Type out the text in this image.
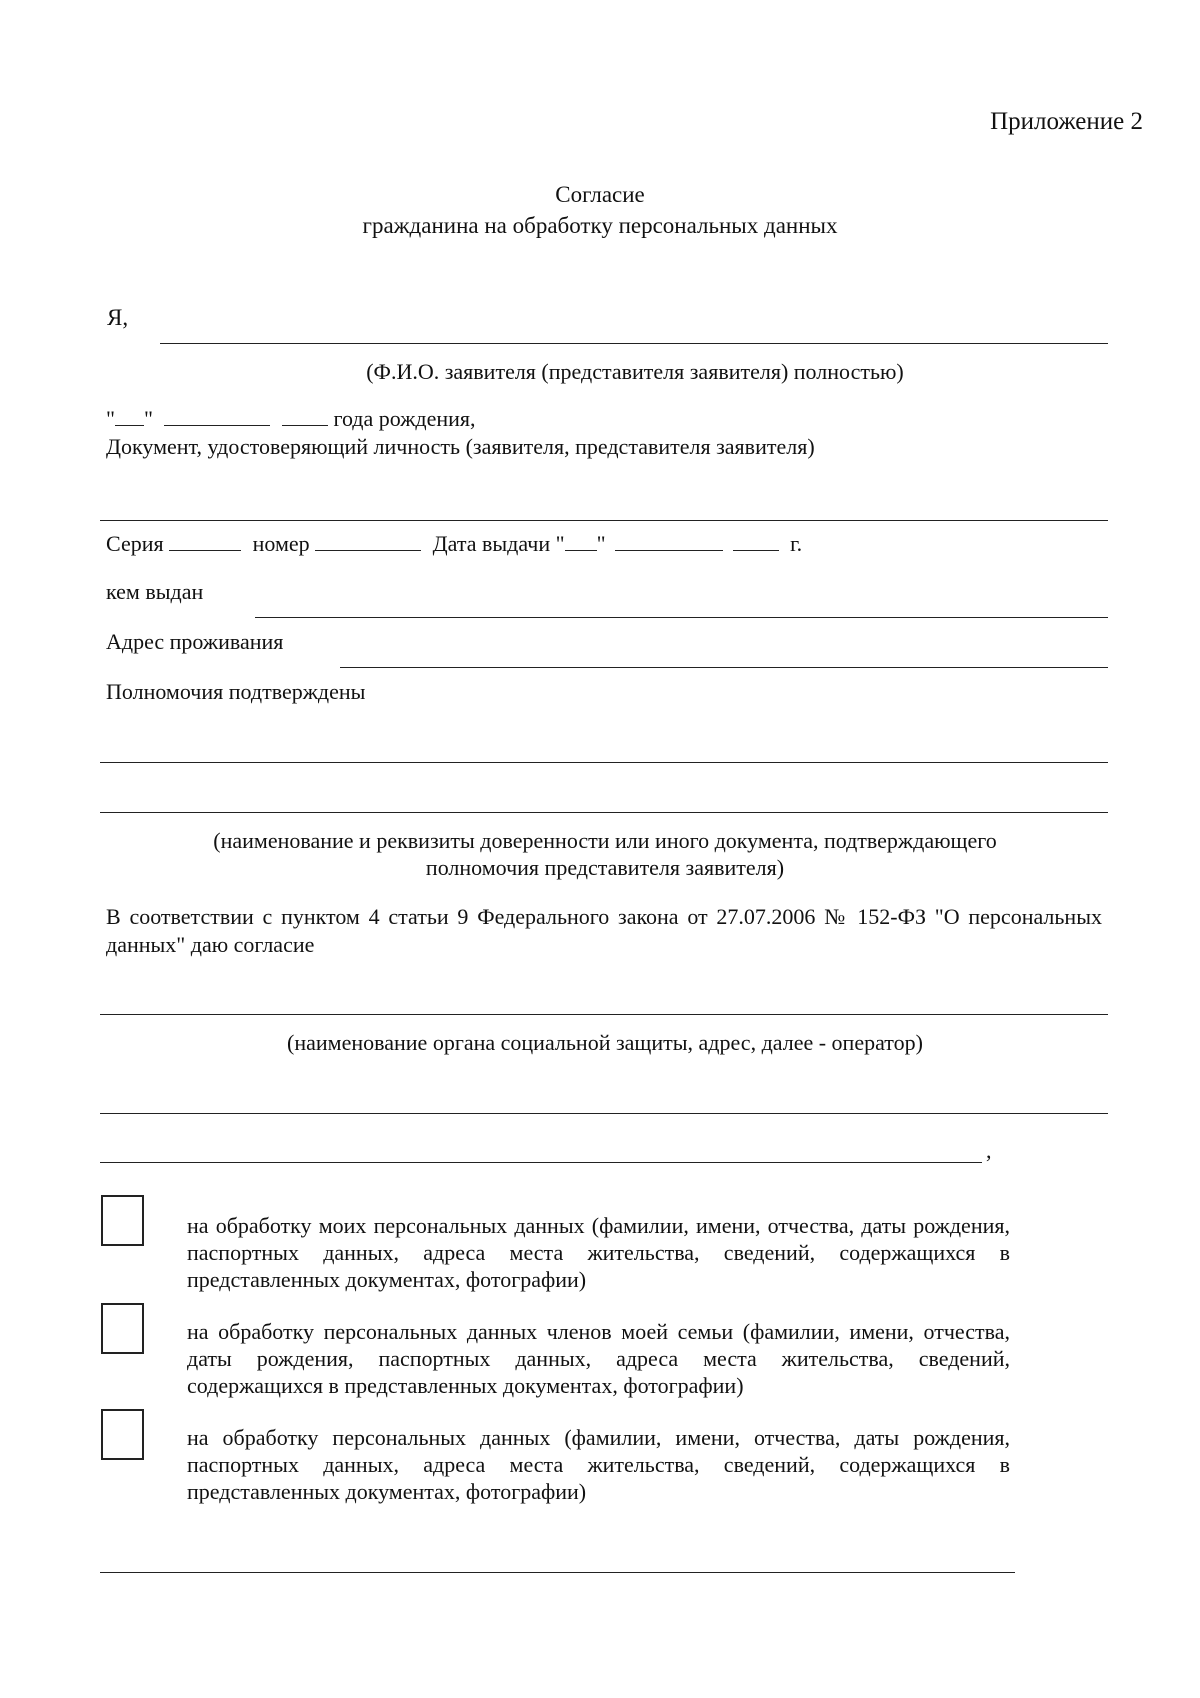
Приложение 2
Согласие
гражданина на обработку персональных данных
Я,
(Ф.И.О. заявителя (представителя заявителя) полностью)
" "	года рождения,
Документ, удостоверяющий личность (заявителя, представителя заявителя)
Серия	номер	Дата выдачи " "	г.
кем выдан
Адрес проживания
Полномочия подтверждены
(наименование и реквизиты доверенности или иного документа, подтверждающего
полномочия представителя заявителя)
В соответствии с пунктом 4 статьи 9 Федерального закона от 27.07.2006 № 152-ФЗ "О персональных данных" даю согласие
(наименование органа социальной защиты, адрес, далее - оператор)
,
на обработку моих персональных данных (фамилии, имени, отчества, даты рождения, паспортных данных, адреса места жительства, сведений, содержащихся в представленных документах, фотографии)
на обработку персональных данных членов моей семьи (фамилии, имени, отчества, даты рождения, паспортных данных, адреса места жительства, сведений, содержащихся в представленных документах, фотографии)
на обработку персональных данных (фамилии, имени, отчества, даты рождения, паспортных данных, адреса места жительства, сведений, содержащихся в представленных документах, фотографии)
